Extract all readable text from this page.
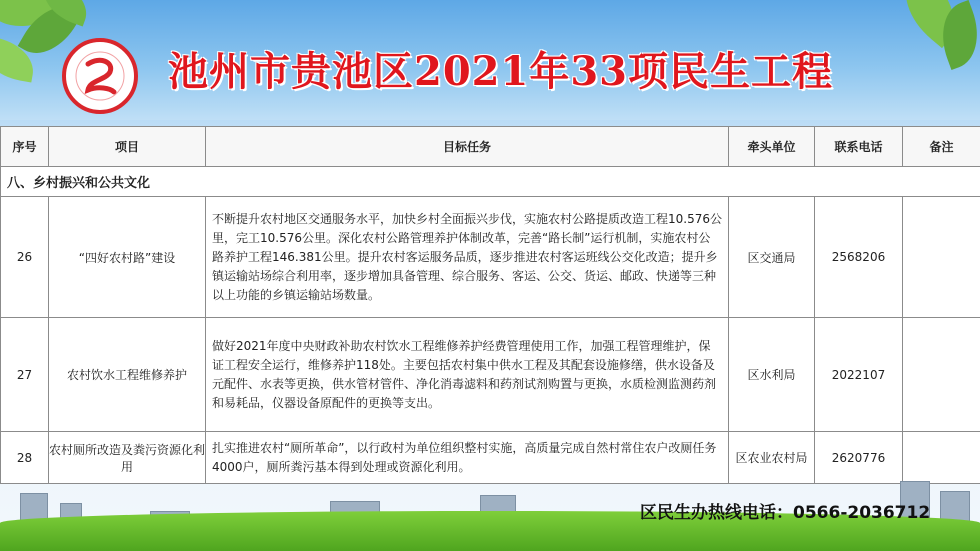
池州市贵池区2021年33项民生工程
序号	项目	目标任务	牵头单位	联系电话	备注
八、乡村振兴和公共文化					
26	“四好农村路”建设	不断提升农村地区交通服务水平，加快乡村全面振兴步伐，实施农村公路提质改造工程10.576公里，完工10.576公里。深化农村公路管理养护体制改革，完善“路长制”运行机制，实施农村公路养护工程146.381公里。提升农村客运服务品质，逐步推进农村客运班线公交化改造；提升乡镇运输站场综合利用率，逐步增加具备管理、综合服务、客运、公交、货运、邮政、快递等三种以上功能的乡镇运输站场数量。	区交通局	2568206	
27	农村饮水工程维修养护	做好2021年度中央财政补助农村饮水工程维修养护经费管理使用工作，加强工程管理维护，保证工程安全运行，维修养护118处。主要包括农村集中供水工程及其配套设施修缮，供水设备及元配件、水表等更换，供水管材管件、净化消毒滤料和药剂试剂购置与更换，水质检测监测药剂和易耗品，仪器设备原配件的更换等支出。	区水利局	2022107	
28	农村厕所改造及粪污资源化利用	扎实推进农村“厕所革命”，以行政村为单位组织整村实施，高质量完成自然村常住农户改厕任务4000户，厕所粪污基本得到处理或资源化利用。	区农业农村局	2620776	
区民生办热线电话：0566-2036712
